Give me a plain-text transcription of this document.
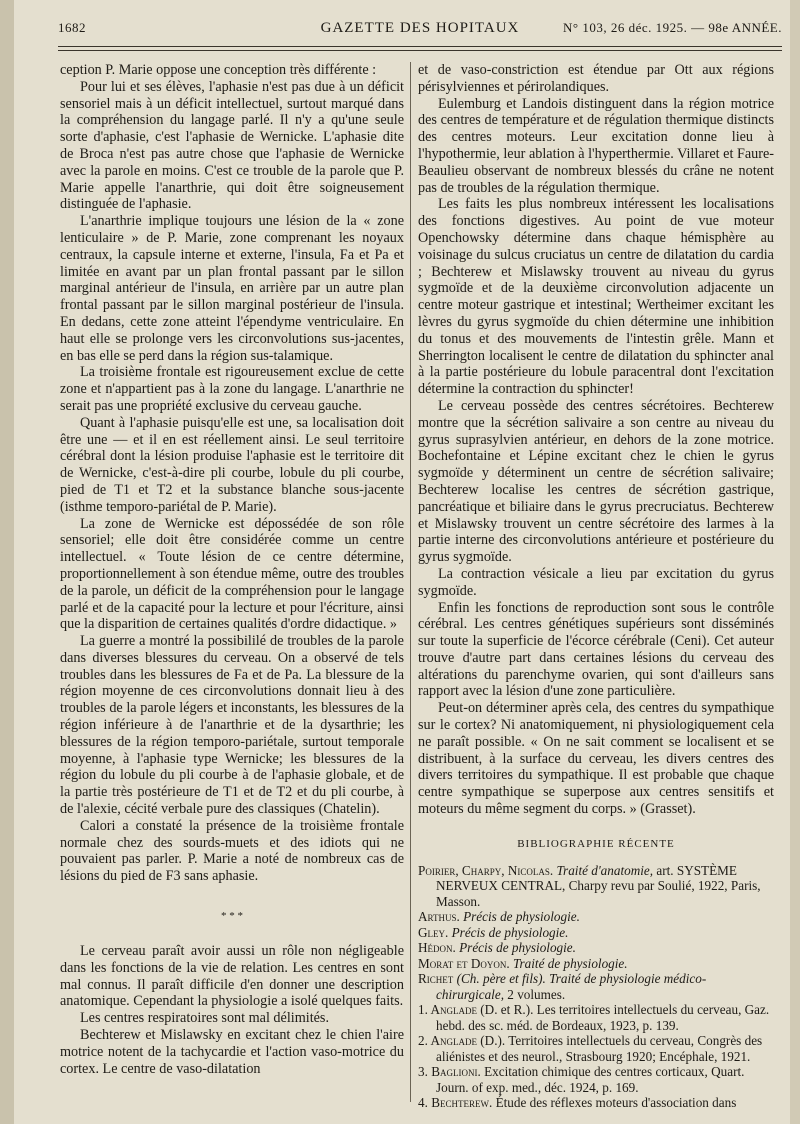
1682	GAZETTE DES HOPITAUX	N° 103, 26 déc. 1925. — 98e ANNÉE.

ception P. Marie oppose une conception très différente :

Pour lui et ses élèves, l'aphasie n'est pas due à un déficit sensoriel mais à un déficit intellectuel, surtout marqué dans la compréhension du langage parlé. Il n'y a qu'une seule sorte d'aphasie, c'est l'aphasie de Wernicke. L'aphasie dite de Broca n'est pas autre chose que l'aphasie de Wernicke avec la parole en moins. C'est ce trouble de la parole que P. Marie appelle l'anarthrie, qui doit être soigneusement distinguée de l'aphasie.

L'anarthrie implique toujours une lésion de la « zone lenticulaire » de P. Marie, zone comprenant les noyaux centraux, la capsule interne et externe, l'insula, Fa et Pa et limitée en avant par un plan frontal passant par le sillon marginal antérieur de l'insula, en arrière par un autre plan frontal passant par le sillon marginal postérieur de l'insula. En dedans, cette zone atteint l'épendyme ventriculaire. En haut elle se prolonge vers les circonvolutions sus-jacentes, en bas elle se perd dans la région sus-talamique.

La troisième frontale est rigoureusement exclue de cette zone et n'appartient pas à la zone du langage. L'anarthrie ne serait pas une propriété exclusive du cerveau gauche.

Quant à l'aphasie puisqu'elle est une, sa localisation doit être une — et il en est réellement ainsi. Le seul territoire cérébral dont la lésion produise l'aphasie est le territoire dit de Wernicke, c'est-à-dire pli courbe, lobule du pli courbe, pied de T1 et T2 et la substance blanche sous-jacente (isthme temporo-pariétal de P. Marie).

La zone de Wernicke est dépossédée de son rôle sensoriel; elle doit être considérée comme un centre intellectuel. « Toute lésion de ce centre détermine, proportionnellement à son étendue même, outre des troubles de la parole, un déficit de la compréhension pour le langage parlé et de la capacité pour la lecture et pour l'écriture, ainsi que la disparition de certaines qualités d'ordre didactique. »

La guerre a montré la possibililé de troubles de la parole dans diverses blessures du cerveau. On a observé de tels troubles dans les blessures de Fa et de Pa. La blessure de la région moyenne de ces circonvolutions donnait lieu à des troubles de la parole légers et inconstants, les blessures de la région inférieure à de l'anarthrie et de la dysarthrie; les blessures de la région temporo-pariétale, surtout temporale moyenne, à l'aphasie type Wernicke; les blessures de la région du lobule du pli courbe à de l'aphasie globale, et de la partie très postérieure de T1 et de T2 et du pli courbe, à de l'alexie, cécité verbale pure des classiques (Chatelin).

Calori a constaté la présence de la troisième frontale normale chez des sourds-muets et des idiots qui ne pouvaient pas parler. P. Marie a noté de nombreux cas de lésions du pied de F3 sans aphasie.

* * *

Le cerveau paraît avoir aussi un rôle non négligeable dans les fonctions de la vie de relation. Les centres en sont mal connus. Il paraît difficile d'en donner une description anatomique. Cependant la physiologie a isolé quelques faits.

Les centres respiratoires sont mal délimités.

Bechterew et Mislawsky en excitant chez le chien l'aire motrice notent de la tachycardie et l'action vaso-motrice du cortex. Le centre de vaso-dilatation

et de vaso-constriction est étendue par Ott aux régions périsylviennes et périrolandiques.

Eulemburg et Landois distinguent dans la région motrice des centres de température et de régulation thermique distincts des centres moteurs. Leur excitation donne lieu à l'hypothermie, leur ablation à l'hyperthermie. Villaret et Faure-Beaulieu observant de nombreux blessés du crâne ne notent pas de troubles de la régulation thermique.

Les faits les plus nombreux intéressent les localisations des fonctions digestives. Au point de vue moteur Openchowsky détermine dans chaque hémisphère au voisinage du sulcus cruciatus un centre de dilatation du cardia ; Bechterew et Mislawsky trouvent au niveau du gyrus sygmoïde et de la deuxième circonvolution adjacente un centre moteur gastrique et intestinal; Wertheimer excitant les lèvres du gyrus sygmoïde du chien détermine une inhibition du tonus et des mouvements de l'intestin grêle. Mann et Sherrington localisent le centre de dilatation du sphincter anal à la partie postérieure du lobule paracentral dont l'excitation détermine la contraction du sphincter!

Le cerveau possède des centres sécrétoires. Bechterew montre que la sécrétion salivaire a son centre au niveau du gyrus suprasylvien antérieur, en dehors de la zone motrice. Bochefontaine et Lépine excitant chez le chien le gyrus sygmoïde y déterminent un centre de sécrétion salivaire; Bechterew localise les centres de sécrétion gastrique, pancréatique et biliaire dans le gyrus precruciatus. Bechterew et Mislawsky trouvent un centre sécrétoire des larmes à la partie interne des circonvolutions antérieure et postérieure du gyrus sygmoïde.

La contraction vésicale a lieu par excitation du gyrus sygmoïde.

Enfin les fonctions de reproduction sont sous le contrôle cérébral. Les centres génétiques supérieurs sont disséminés sur toute la superficie de l'écorce cérébrale (Ceni). Cet auteur trouve d'autre part dans certaines lésions du cerveau des altérations du parenchyme ovarien, qui sont d'ailleurs sans rapport avec la lésion d'une zone particulière.

Peut-on déterminer après cela, des centres du sympathique sur le cortex? Ni anatomiquement, ni physiologiquement cela ne paraît possible. « On ne sait comment se localisent et se distribuent, à la surface du cerveau, les divers centres des divers territoires du sympathique. Il est probable que chaque centre sympathique se superpose aux centres sensitifs et moteurs du même segment du corps. » (Grasset).

BIBLIOGRAPHIE RÉCENTE
Poirier, Charpy, Nicolas. Traité d'anatomie, art. SYSTÈME NERVEUX CENTRAL, Charpy revu par Soulié, 1922, Paris, Masson.
Arthus. Précis de physiologie.
Gley. Précis de physiologie.
Hédon. Précis de physiologie.
Morat et Doyon. Traité de physiologie.
Richet (Ch. père et fils). Traité de physiologie médico-chirurgicale, 2 volumes.
1. Anglade (D. et R.). Les territoires intellectuels du cerveau, Gaz. hebd. des sc. méd. de Bordeaux, 1923, p. 139.
2. Anglade (D.). Territoires intellectuels du cerveau, Congrès des aliénistes et des neurol., Strasbourg 1920; Encéphale, 1921.
3. Baglioni. Excitation chimique des centres corticaux, Quart. Journ. of exp. med., déc. 1924, p. 169.
4. Bechterew. Étude des réflexes moteurs d'association dans
